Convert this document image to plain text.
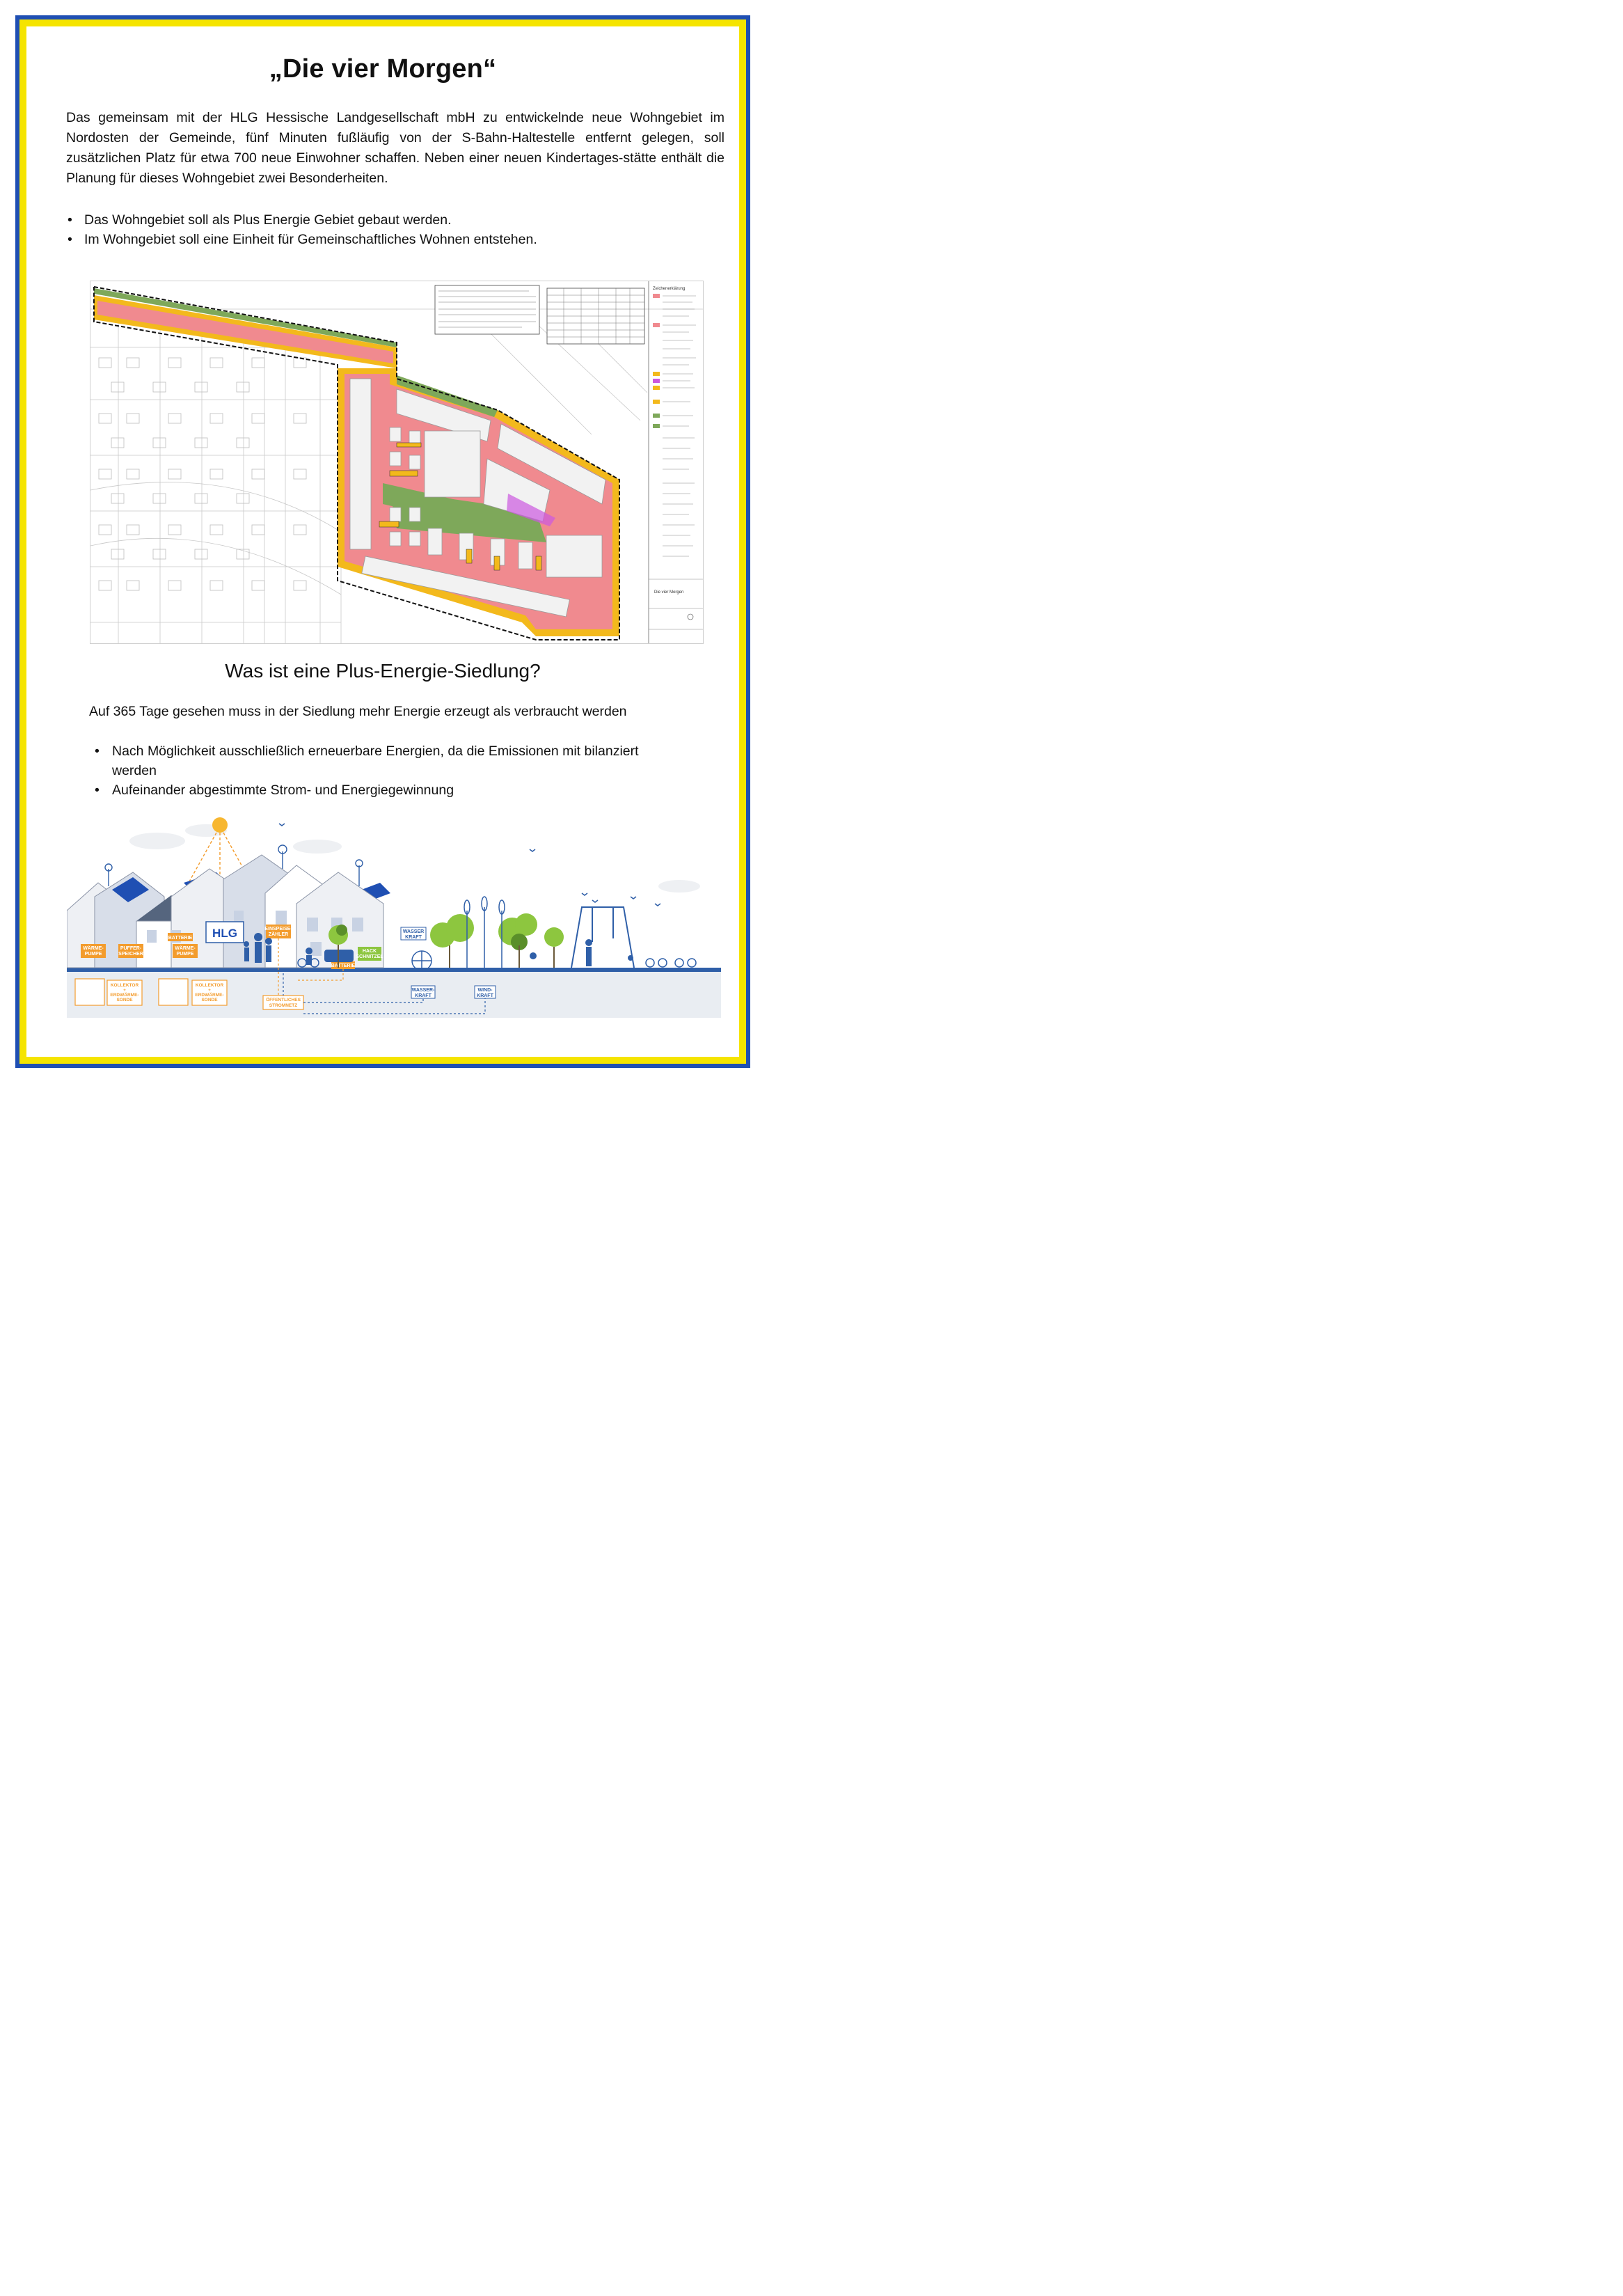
„Die vier Morgen“

Das gemeinsam mit der HLG Hessische Landgesellschaft mbH zu entwickelnde neue Wohngebiet im Nordosten der Gemeinde, fünf Minuten fußläufig von der S-Bahn-Haltestelle entfernt gelegen, soll zusätzlichen Platz für etwa 700 neue Einwohner schaffen. Neben einer neuen Kindertages-stätte enthält die Planung für dieses Wohngebiet zwei Besonderheiten.

• Das Wohngebiet soll als Plus Energie Gebiet gebaut werden.
• Im Wohngebiet soll eine Einheit für Gemeinschaftliches Wohnen entstehen.
Zeichenerklärung
Die vier Morgen
Was ist eine Plus-Energie-Siedlung?
Auf 365 Tage gesehen muss in der Siedlung mehr Energie erzeugt als verbraucht werden
• Nach Möglichkeit ausschließlich erneuerbare Energien, da die Emissionen mit bilanziert werden
• Aufeinander abgestimmte Strom- und Energiegewinnung
HLG
WÄRME-
PUMPE
PUFFER-
SPEICHER
BATTERIE
WÄRME-
PUMPE
EINSPEISE-
ZÄHLER
BATTERIE
HACK
SCHNITZEL
WASSER
KRAFT
WASSER-
KRAFT
WIND-
KRAFT
KOLLEKTOR
+
ERDWÄRME-
SONDE
KOLLEKTOR
+
ERDWÄRME-
SONDE	ÖFFENTLICHES
STROMNETZ
